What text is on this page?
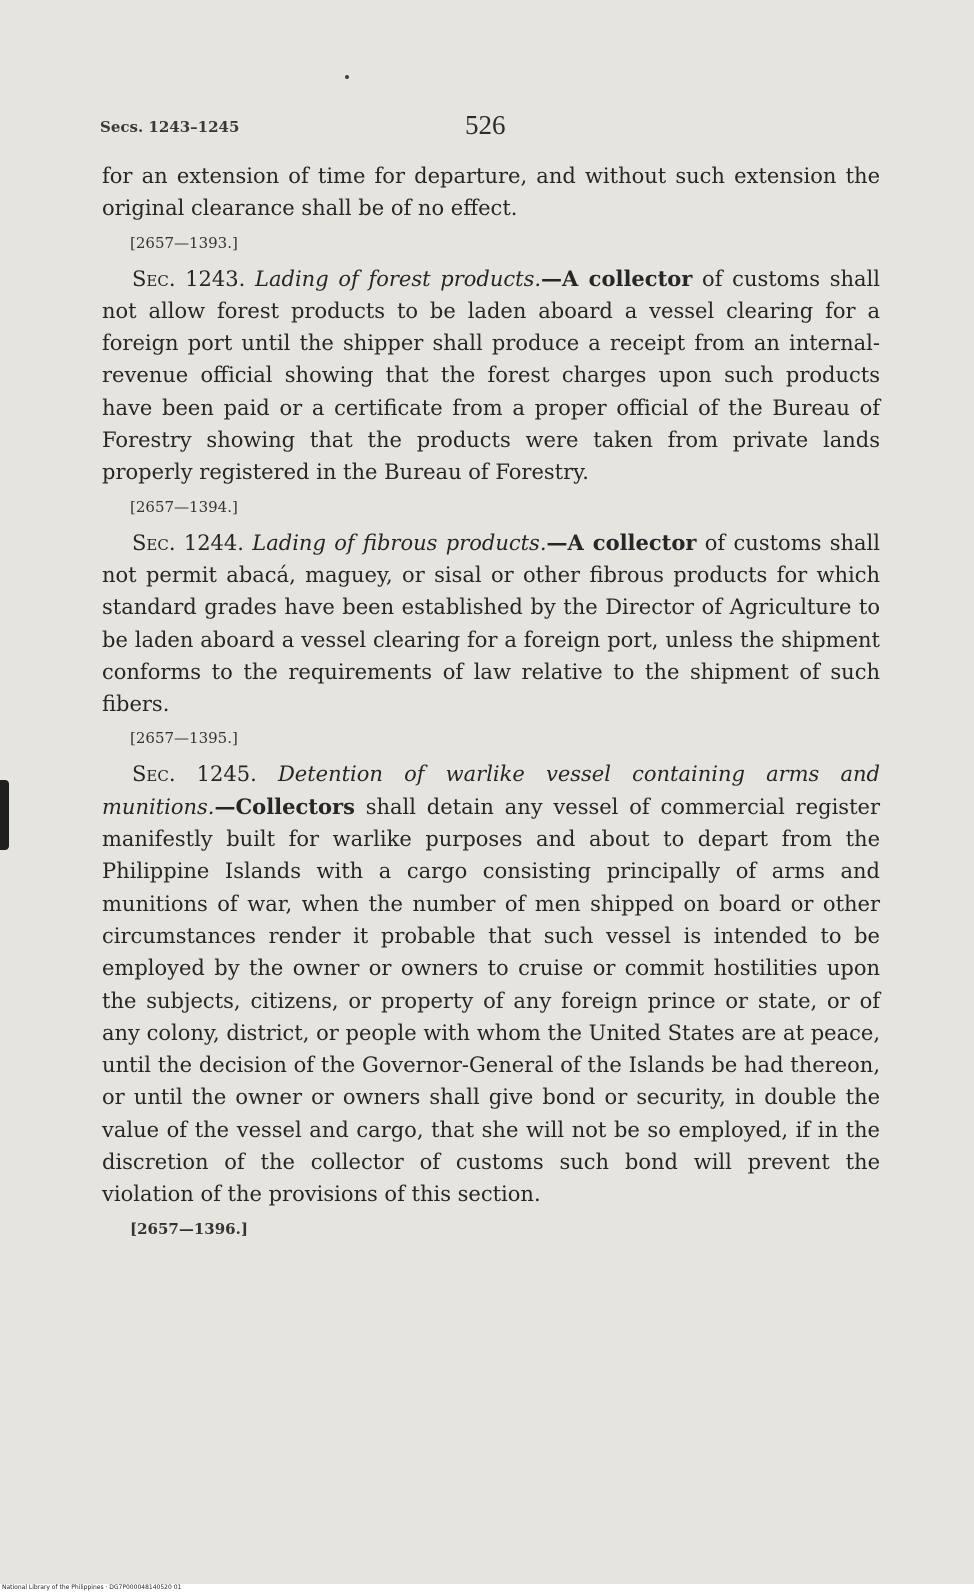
Secs. 1243–1245	526

for an extension of time for departure, and without such extension the original clearance shall be of no effect.

[2657—1393.]

Sec. 1243. Lading of forest products.—A collector of customs shall not allow forest products to be laden aboard a vessel clearing for a foreign port until the shipper shall produce a receipt from an internal-revenue official showing that the forest charges upon such products have been paid or a certificate from a proper official of the Bureau of Forestry showing that the products were taken from private lands properly registered in the Bureau of Forestry.

[2657—1394.]

Sec. 1244. Lading of fibrous products.—A collector of customs shall not permit abacá, maguey, or sisal or other fibrous products for which standard grades have been established by the Director of Agriculture to be laden aboard a vessel clearing for a foreign port, unless the shipment conforms to the requirements of law relative to the shipment of such fibers.

[2657—1395.]

Sec. 1245. Detention of warlike vessel containing arms and munitions.—Collectors shall detain any vessel of commercial register manifestly built for warlike purposes and about to depart from the Philippine Islands with a cargo consisting principally of arms and munitions of war, when the number of men shipped on board or other circumstances render it probable that such vessel is intended to be employed by the owner or owners to cruise or commit hostilities upon the subjects, citizens, or property of any foreign prince or state, or of any colony, district, or people with whom the United States are at peace, until the decision of the Governor-General of the Islands be had thereon, or until the owner or owners shall give bond or security, in double the value of the vessel and cargo, that she will not be so employed, if in the discretion of the collector of customs such bond will prevent the violation of the provisions of this section.

[2657—1396.]

National Library of the Philippines · DG7P000048140520 01
